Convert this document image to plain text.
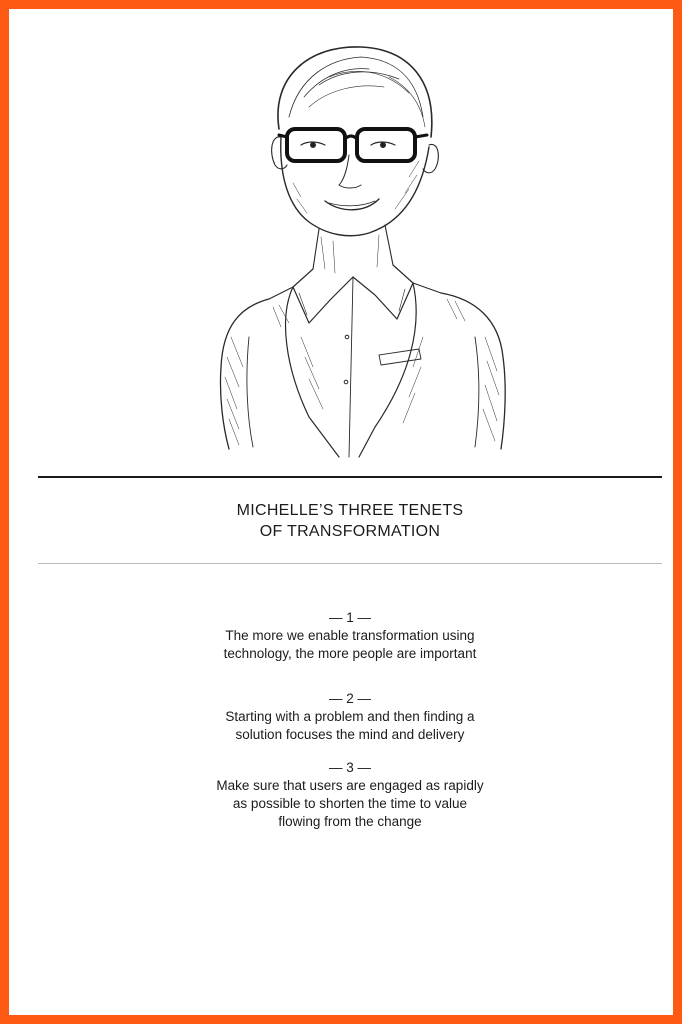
MICHELLE’S THREE TENETS
OF TRANSFORMATION
— 1 —
The more we enable transformation using
technology, the more people are important
— 2 —
Starting with a problem and then finding a
solution focuses the mind and delivery
— 3 —
Make sure that users are engaged as rapidly
as possible to shorten the time to value
flowing from the change
